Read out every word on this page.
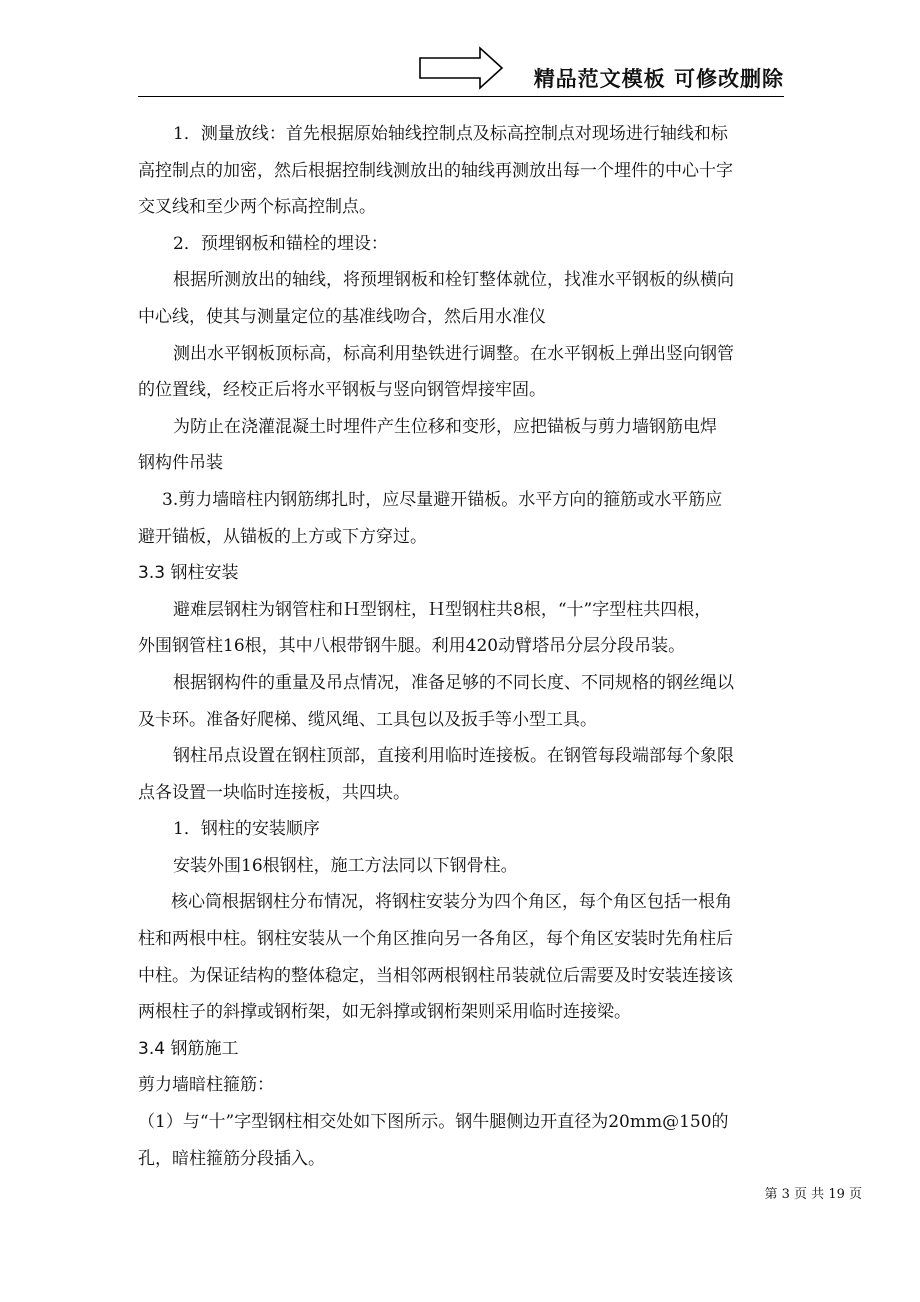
精品范文模板 可修改删除

1．测量放线：首先根据原始轴线控制点及标高控制点对现场进行轴线和标

高控制点的加密，然后根据控制线测放出的轴线再测放出每一个埋件的中心十字

交叉线和至少两个标高控制点。

2．预埋钢板和锚栓的埋设：

根据所测放出的轴线，将预埋钢板和栓钉整体就位，找准水平钢板的纵横向

中心线，使其与测量定位的基准线吻合，然后用水准仪

测出水平钢板顶标高，标高利用垫铁进行调整。在水平钢板上弹出竖向钢管

的位置线，经校正后将水平钢板与竖向钢管焊接牢固。

为防止在浇灌混凝土时埋件产生位移和变形，应把锚板与剪力墙钢筋电焊

钢构件吊装

3.剪力墙暗柱内钢筋绑扎时，应尽量避开锚板。水平方向的箍筋或水平筋应

避开锚板，从锚板的上方或下方穿过。

3.3 钢柱安装

避难层钢柱为钢管柱和Ｈ型钢柱，Ｈ型钢柱共8根，“十”字型柱共四根，

外围钢管柱16根，其中八根带钢牛腿。利用420动臂塔吊分层分段吊装。

根据钢构件的重量及吊点情况，准备足够的不同长度、不同规格的钢丝绳以

及卡环。准备好爬梯、缆风绳、工具包以及扳手等小型工具。

钢柱吊点设置在钢柱顶部，直接利用临时连接板。在钢管每段端部每个象限

点各设置一块临时连接板，共四块。

1．钢柱的安装顺序

安装外围16根钢柱，施工方法同以下钢骨柱。

核心筒根据钢柱分布情况，将钢柱安装分为四个角区，每个角区包括一根角

柱和两根中柱。钢柱安装从一个角区推向另一各角区，每个角区安装时先角柱后

中柱。为保证结构的整体稳定，当相邻两根钢柱吊装就位后需要及时安装连接该

两根柱子的斜撑或钢桁架，如无斜撑或钢桁架则采用临时连接梁。

3.4 钢筋施工

剪力墙暗柱箍筋：

（1）与“十”字型钢柱相交处如下图所示。钢牛腿侧边开直径为20mm@150的

孔，暗柱箍筋分段插入。

第 3 页 共 19 页
